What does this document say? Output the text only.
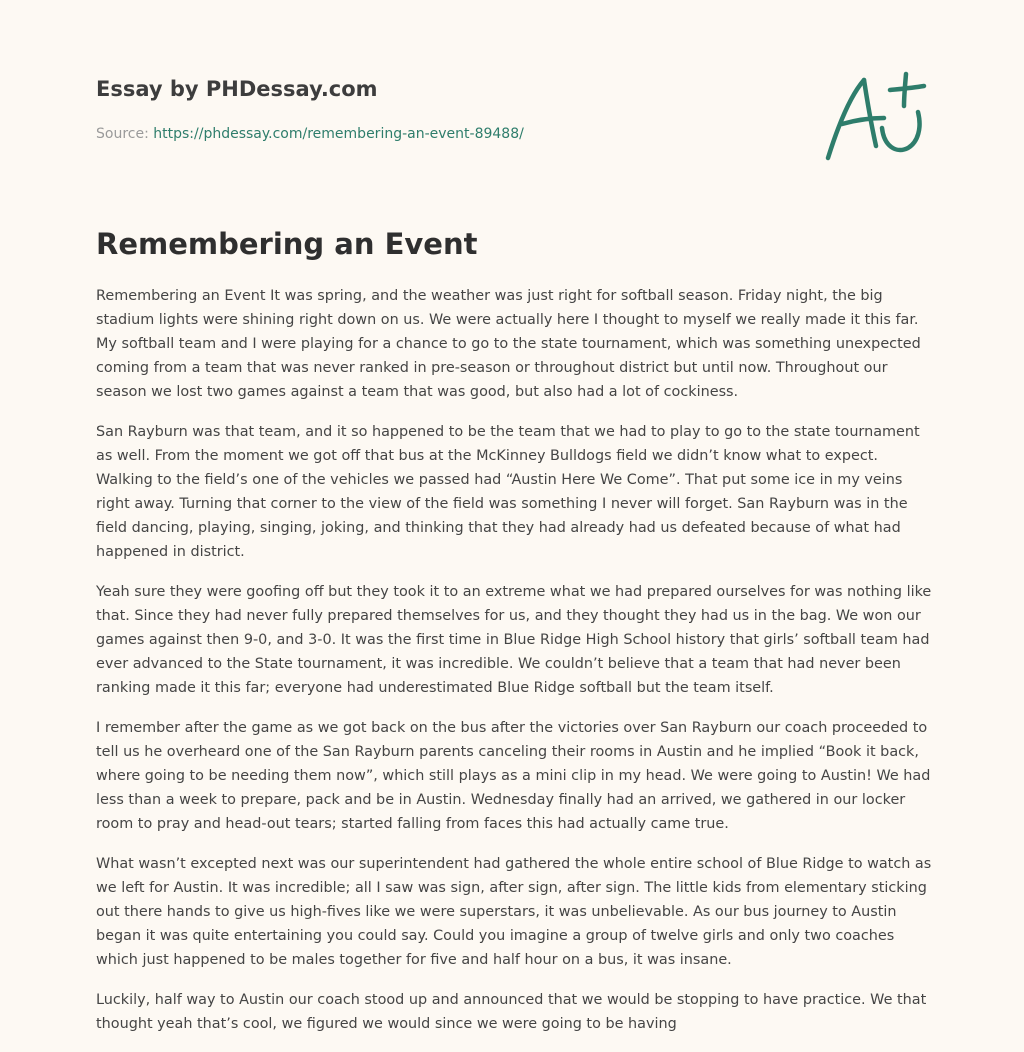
Essay by PHDessay.com
Source: https://phdessay.com/remembering-an-event-89488/
Remembering an Event

Remembering an Event It was spring, and the weather was just right for softball season. Friday night, the big stadium lights were shining right down on us. We were actually here I thought to myself we really made it this far. My softball team and I were playing for a chance to go to the state tournament, which was something unexpected coming from a team that was never ranked in pre-season or throughout district but until now. Throughout our season we lost two games against a team that was good, but also had a lot of cockiness.

San Rayburn was that team, and it so happened to be the team that we had to play to go to the state tournament as well. From the moment we got off that bus at the McKinney Bulldogs field we didn’t know what to expect. Walking to the field’s one of the vehicles we passed had “Austin Here We Come”. That put some ice in my veins right away. Turning that corner to the view of the field was something I never will forget. San Rayburn was in the field dancing, playing, singing, joking, and thinking that they had already had us defeated because of what had happened in district.

Yeah sure they were goofing off but they took it to an extreme what we had prepared ourselves for was nothing like that. Since they had never fully prepared themselves for us, and they thought they had us in the bag. We won our games against then 9-0, and 3-0. It was the first time in Blue Ridge High School history that girls’ softball team had ever advanced to the State tournament, it was incredible. We couldn’t believe that a team that had never been ranking made it this far; everyone had underestimated Blue Ridge softball but the team itself.

I remember after the game as we got back on the bus after the victories over San Rayburn our coach proceeded to tell us he overheard one of the San Rayburn parents canceling their rooms in Austin and he implied “Book it back, where going to be needing them now”, which still plays as a mini clip in my head. We were going to Austin! We had less than a week to prepare, pack and be in Austin. Wednesday finally had an arrived, we gathered in our locker room to pray and head-out tears; started falling from faces this had actually came true.

What wasn’t excepted next was our superintendent had gathered the whole entire school of Blue Ridge to watch as we left for Austin. It was incredible; all I saw was sign, after sign, after sign. The little kids from elementary sticking out there hands to give us high-fives like we were superstars, it was unbelievable. As our bus journey to Austin began it was quite entertaining you could say. Could you imagine a group of twelve girls and only two coaches which just happened to be males together for five and half hour on a bus, it was insane.

Luckily, half way to Austin our coach stood up and announced that we would be stopping to have practice. We that thought yeah that’s cool, we figured we would since we were going to be having
